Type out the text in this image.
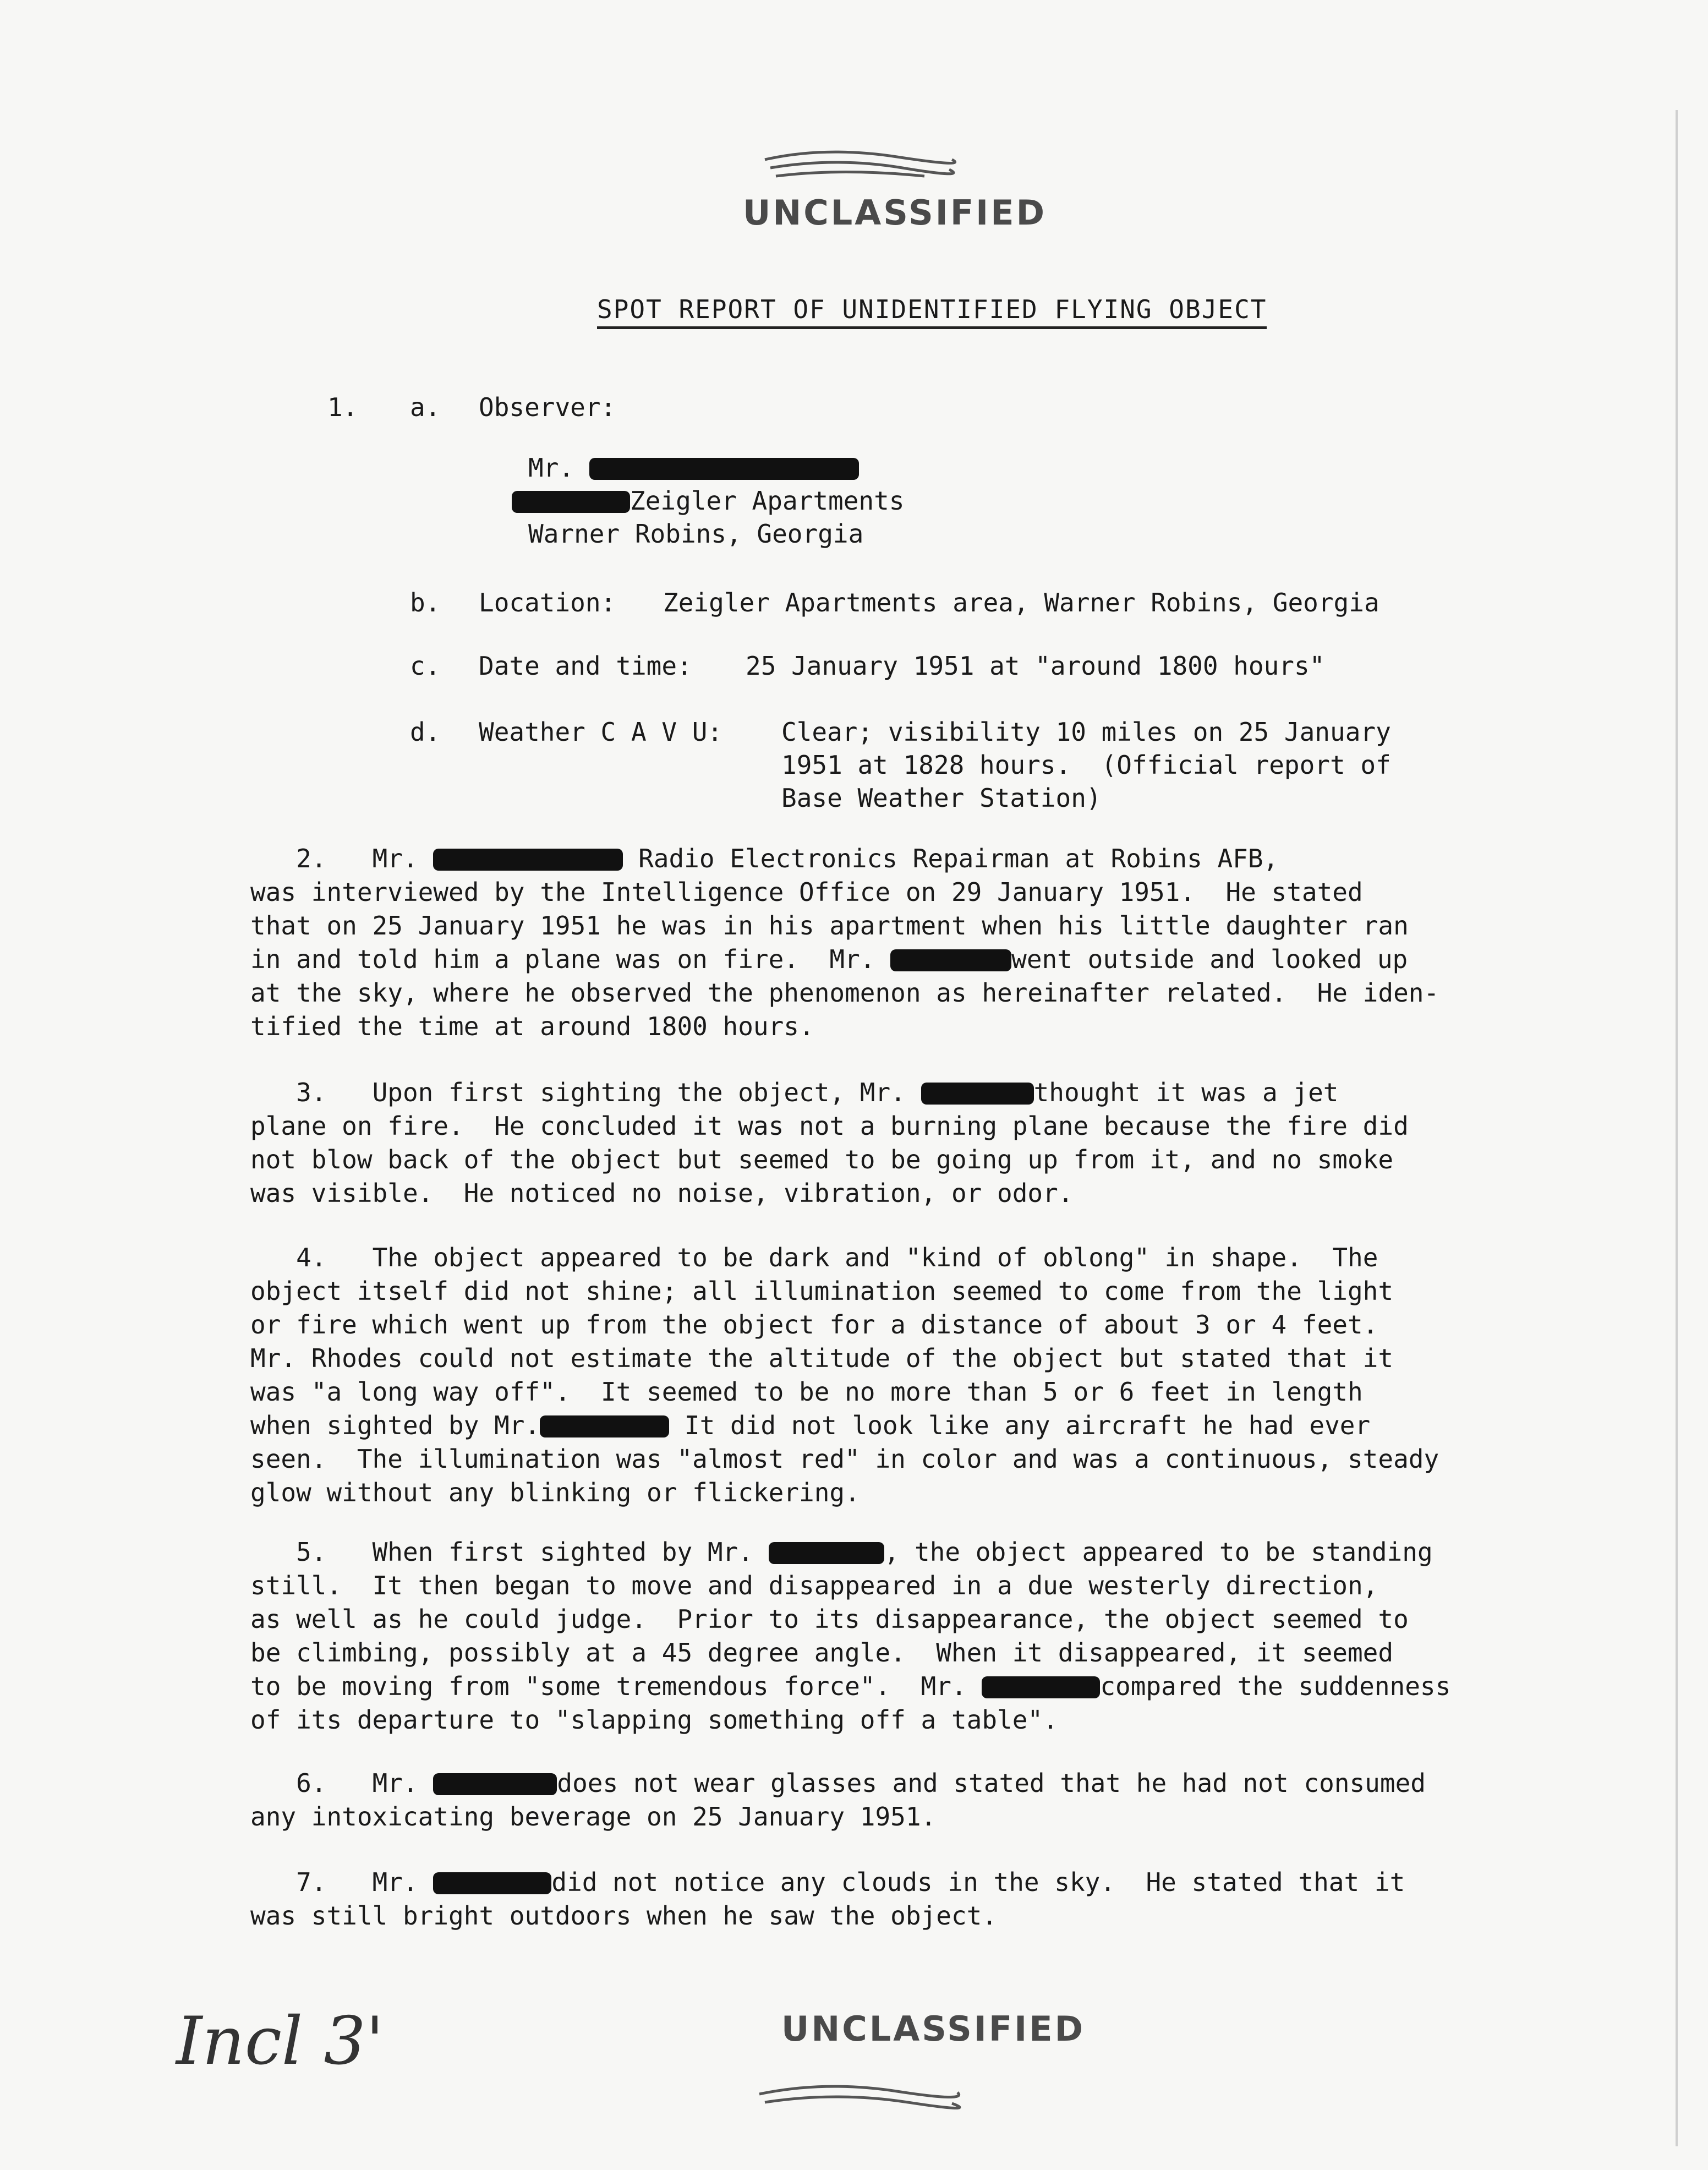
UNCLASSIFIED
SPOT REPORT OF UNIDENTIFIED FLYING OBJECT
1. a. Observer:
Mr.
Zeigler Apartments
Warner Robins, Georgia
b. Location: Zeigler Apartments area, Warner Robins, Georgia
c. Date and time: 25 January 1951 at "around 1800 hours"
d. Weather C A V U: Clear; visibility 10 miles on 25 January
1951 at 1828 hours.  (Official report of
Base Weather Station)
2. Mr.	Radio Electronics Repairman at Robins AFB,
was interviewed by the Intelligence Office on 29 January 1951.  He stated
that on 25 January 1951 he was in his apartment when his little daughter ran
in and told him a plane was on fire.  Mr.	went outside and looked up
at the sky, where he observed the phenomenon as hereinafter related.  He iden-
tified the time at around 1800 hours.
3. Upon first sighting the object, Mr.	thought it was a jet
plane on fire.  He concluded it was not a burning plane because the fire did
not blow back of the object but seemed to be going up from it, and no smoke
was visible.  He noticed no noise, vibration, or odor.
4. The object appeared to be dark and "kind of oblong" in shape.  The
object itself did not shine; all illumination seemed to come from the light
or fire which went up from the object for a distance of about 3 or 4 feet.
Mr. Rhodes could not estimate the altitude of the object but stated that it
was "a long way off".  It seemed to be no more than 5 or 6 feet in length
when sighted by Mr.	It did not look like any aircraft he had ever
seen.  The illumination was "almost red" in color and was a continuous, steady
glow without any blinking or flickering.
5. When first sighted by Mr.	, the object appeared to be standing
still.  It then began to move and disappeared in a due westerly direction,
as well as he could judge.  Prior to its disappearance, the object seemed to
be climbing, possibly at a 45 degree angle.  When it disappeared, it seemed
to be moving from "some tremendous force".  Mr.	compared the suddenness
of its departure to "slapping something off a table".
6. Mr.	does not wear glasses and stated that he had not consumed
any intoxicating beverage on 25 January 1951.
7. Mr.	did not notice any clouds in the sky.  He stated that it
was still bright outdoors when he saw the object.
UNCLASSIFIED
Incl 3'
